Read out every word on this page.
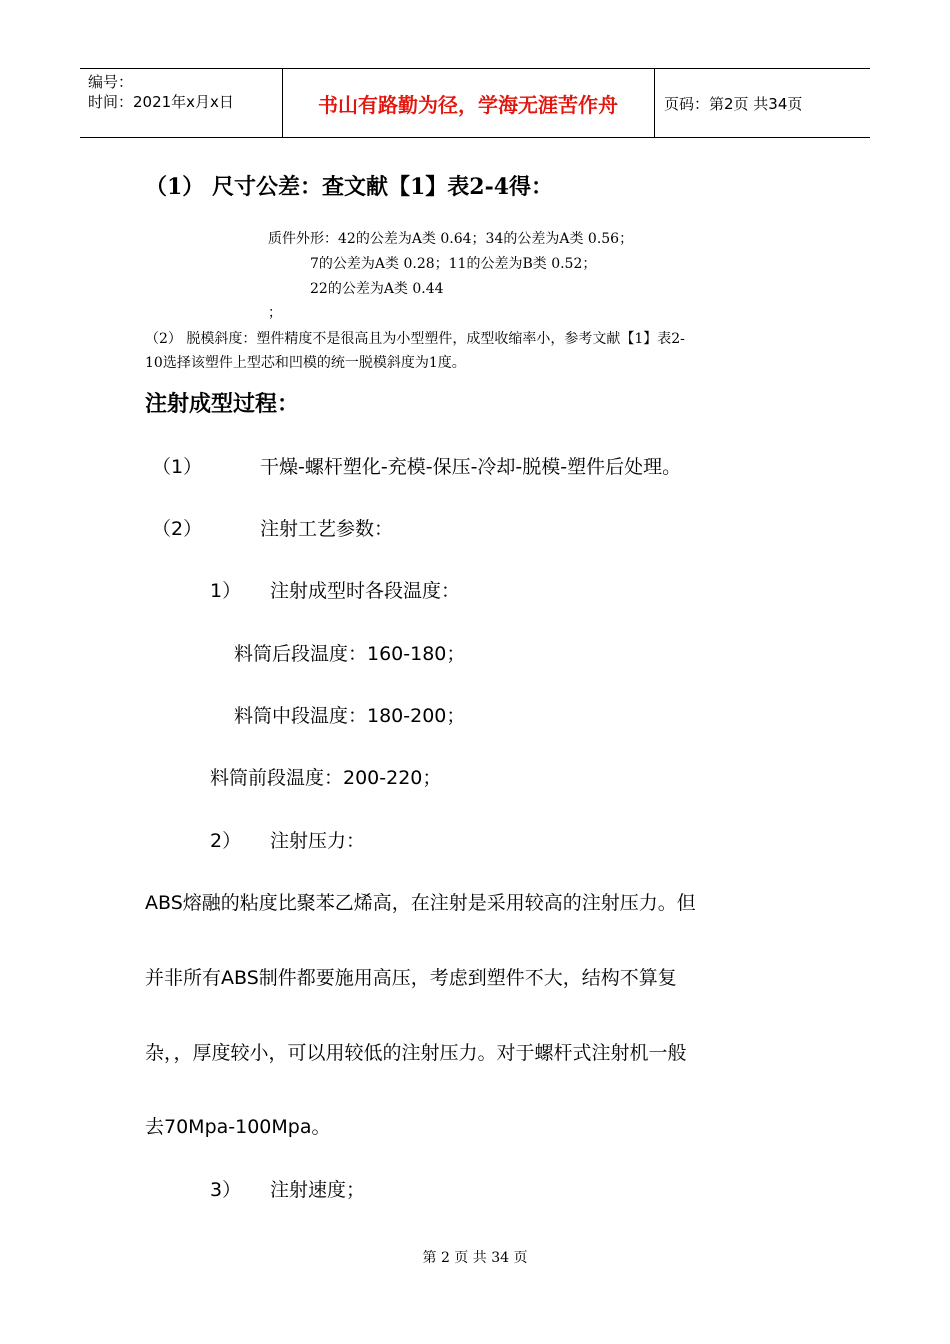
编号：
时间：2021年x月x日	书山有路勤为径，学海无涯苦作舟	页码：第2页 共34页
（1） 尺寸公差：查文献【1】表2-4得：
质件外形：42的公差为A类 0.64；34的公差为A类 0.56；
7的公差为A类 0.28；11的公差为B类 0.52；
22的公差为A类 0.44
；
（2） 脱模斜度：塑件精度不是很高且为小型塑件，成型收缩率小，参考文献【1】表2-
10选择该塑件上型芯和凹模的统一脱模斜度为1度。
注射成型过程：
（1）	干燥-螺杆塑化-充模-保压-冷却-脱模-塑件后处理。
（2）	注射工艺参数：
1） 注射成型时各段温度：
料筒后段温度：160-180；
料筒中段温度：180-200；
料筒前段温度：200-220；
2） 注射压力：
ABS熔融的粘度比聚苯乙烯高，在注射是采用较高的注射压力。但
并非所有ABS制件都要施用高压，考虑到塑件不大，结构不算复
杂，，厚度较小，可以用较低的注射压力。对于螺杆式注射机一般
去70Mpa-100Mpa。
3） 注射速度；
第 2 页 共 34 页
